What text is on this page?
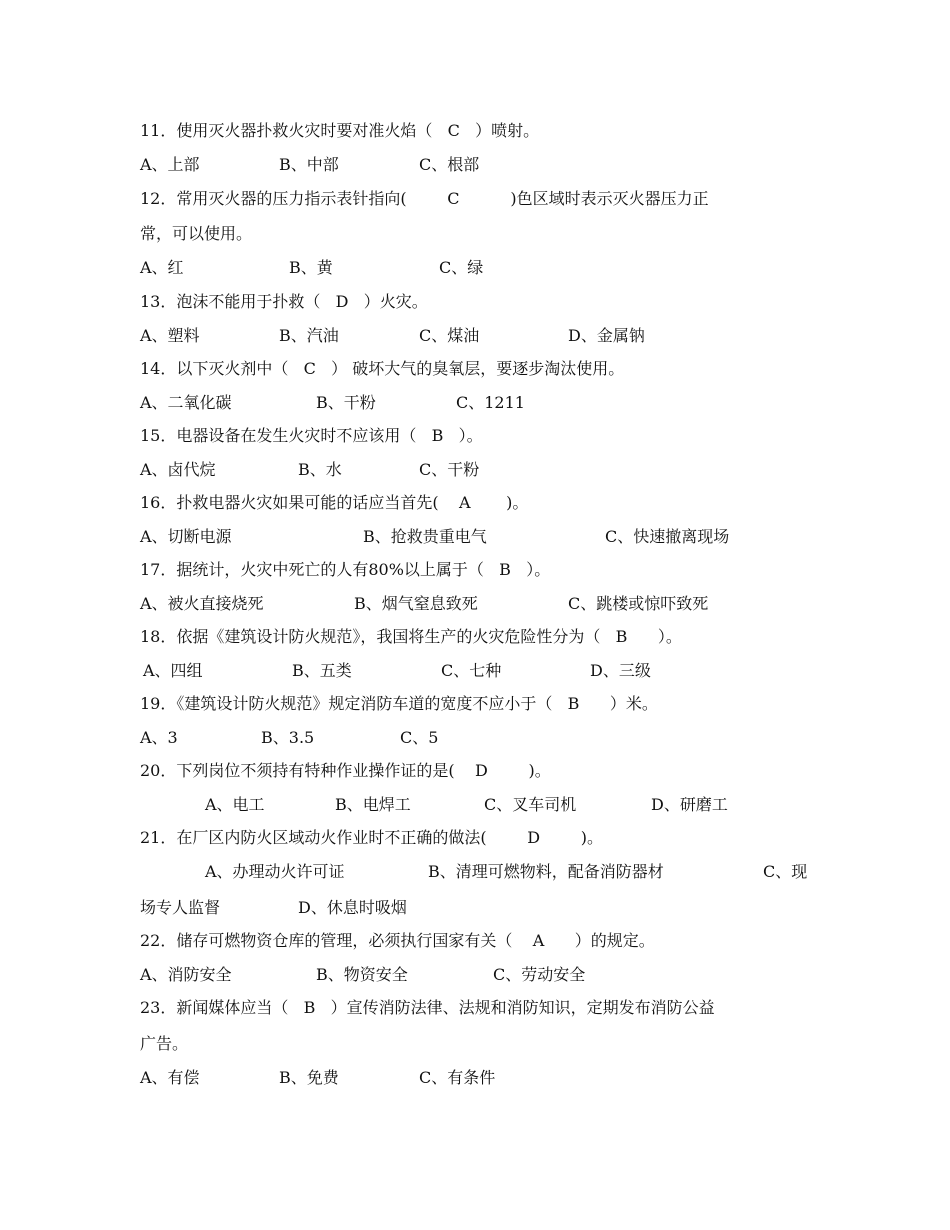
11．使用灭火器扑救火灾时要对准火焰（   C   ）喷射。
A、上部	B、中部	C、根部
12．常用灭火器的压力指示表针指向(        C          )色区域时表示灭火器压力正
常，可以使用。
A、红	B、黄	C、绿
13．泡沫不能用于扑救（   D   ）火灾。
A、塑料	B、汽油	C、煤油	D、金属钠
14．以下灭火剂中（   C   ） 破坏大气的臭氧层，要逐步淘汰使用。
A、二氧化碳	B、干粉	C、1211
15．电器设备在发生火灾时不应该用（   B   ）。
A、卤代烷	B、水	C、干粉
16．扑救电器火灾如果可能的话应当首先(    A       )。
A、切断电源	B、抢救贵重电气	C、快速撤离现场
17．据统计，火灾中死亡的人有80%以上属于（   B   ）。
A、被火直接烧死	B、烟气窒息致死	C、跳楼或惊吓致死
18．依据《建筑设计防火规范》，我国将生产的火灾危险性分为（   B      ）。
A、四组	B、五类	C、七种	D、三级
19．《建筑设计防火规范》规定消防车道的宽度不应小于（   B      ）米。
A、3	B、3.5	C、5
20．下列岗位不须持有特种作业操作证的是(    D        )。
A、电工	B、电焊工	C、叉车司机	D、研磨工
21．在厂区内防火区域动火作业时不正确的做法(        D        )。
A、办理动火许可证	B、清理可燃物料，配备消防器材	C、现
场专人监督	D、休息时吸烟
22．储存可燃物资仓库的管理，必须执行国家有关（    A      ）的规定。
A、消防安全	B、物资安全	C、劳动安全
23．新闻媒体应当（   B   ）宣传消防法律、法规和消防知识，定期发布消防公益
广告。
A、有偿	B、免费	C、有条件
